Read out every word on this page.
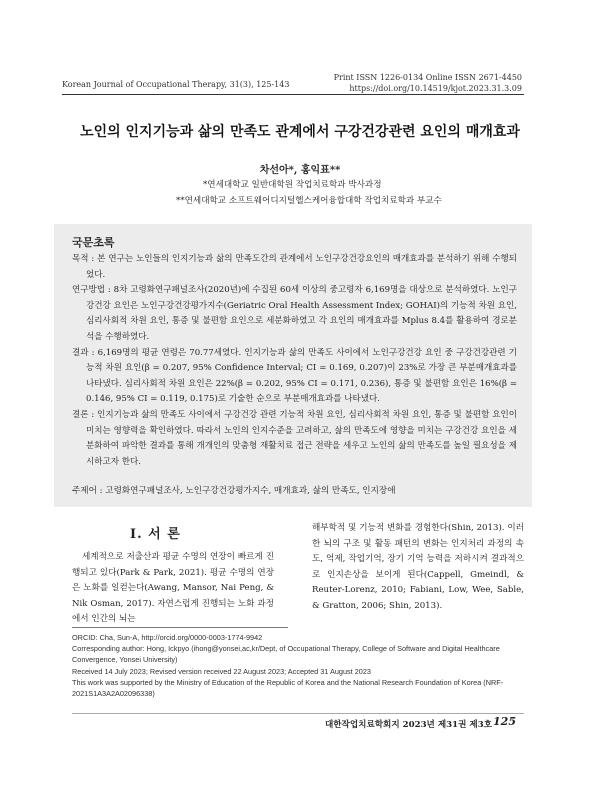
Korean Journal of Occupational Therapy, 31(3), 125-143
Print ISSN 1226-0134 Online ISSN 2671-4450
https://doi.org/10.14519/kjot.2023.31.3.09
노인의 인지기능과 삶의 만족도 관계에서 구강건강관련 요인의 매개효과
차선아*, 홍익표**
*연세대학교 일반대학원 작업치료학과 박사과정
**연세대학교 소프트웨어디지털헬스케어융합대학 작업치료학과 부교수
국문초록

목적 : 본 연구는 노인들의 인지기능과 삶의 만족도간의 관계에서 노인구강건강요인의 매개효과를 분석하기 위해 수행되었다.

연구방법 : 8차 고령화연구패널조사(2020년)에 수집된 60세 이상의 중고령자 6,169명을 대상으로 분석하였다. 노인구강건강 요인은 노인구강건강평가지수(Geriatric Oral Health Assessment Index; GOHAI)의 기능적 차원 요인, 심리사회적 차원 요인, 통증 및 불편함 요인으로 세분화하였고 각 요인의 매개효과를 Mplus 8.4를 활용하여 경로분석을 수행하였다.

결과 : 6,169명의 평균 연령은 70.77세였다. 인지기능과 삶의 만족도 사이에서 노인구강건강 요인 중 구강건강관련 기능적 차원 요인(β = 0.207, 95% Confidence Interval; CI = 0.169, 0.207)이 23%로 가장 큰 부분매개효과를 나타냈다. 심리사회적 차원 요인은 22%(β = 0.202, 95% CI = 0.171, 0.236), 통증 및 불편함 요인은 16%(β = 0.146, 95% CI = 0.119, 0.175)로 기술한 순으로 부분매개효과를 나타냈다.

결론 : 인지기능과 삶의 만족도 사이에서 구강건강 관련 기능적 차원 요인, 심리사회적 차원 요인, 통증 및 불편함 요인이 미치는 영향력을 확인하였다. 따라서 노인의 인지수준을 고려하고, 삶의 만족도에 영향을 미치는 구강건강 요인을 세분화하여 파악한 결과를 통해 개개인의 맞춤형 재활치료 접근 전략을 세우고 노인의 삶의 만족도를 높일 필요성을 제시하고자 한다.

주제어 : 고령화연구패널조사, 노인구강건강평가지수, 매개효과, 삶의 만족도, 인지장애
Ⅰ. 서 론

세계적으로 저출산과 평균 수명의 연장이 빠르게 진행되고 있다(Park & Park, 2021). 평균 수명의 연장은 노화를 일컫는다(Awang, Mansor, Nai Peng, & Nik Osman, 2017). 자연스럽게 진행되는 노화 과정에서 인간의 뇌는

해부학적 및 기능적 변화를 경험한다(Shin, 2013). 이러한 뇌의 구조 및 활동 패턴의 변화는 인지처리 과정의 속도, 억제, 작업기억, 장기 기억 능력을 저하시켜 결과적으로 인지손상을 보이게 된다(Cappell, Gmeindl, & Reuter-Lorenz, 2010; Fabiani, Low, Wee, Sable, & Gratton, 2006; Shin, 2013).

ORCID: Cha, Sun-A, http://orcid.org/0000-0003-1774-9942

Corresponding author: Hong, Ickpyo (ihong@yonsei,ac,kr/Dept, of Occupational Therapy, College of Software and Digital Healthcare Convergence, Yonsei University)

Received 14 July 2023; Revised version received 22 August 2023; Accepted 31 August 2023

This work was supported by the Ministry of Education of the Republic of Korea and the National Research Foundation of Korea (NRF-2021S1A3A2A02096338)

대한작업치료학회지 2023년 제31권 제3호 125
